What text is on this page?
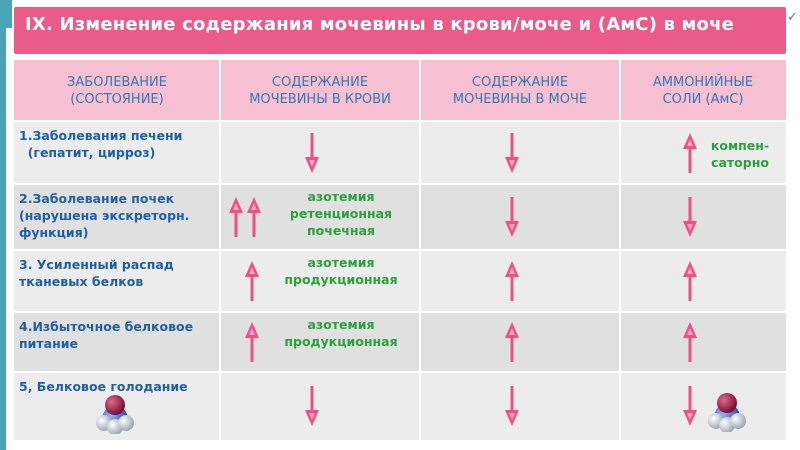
IX. Изменение содержания мочевины в крови/моче и (АмС) в моче	✓
ЗАБОЛЕВАНИЕ
(СОСТОЯНИЕ)
СОДЕРЖАНИЕ
МОЧЕВИНЫ В КРОВИ
СОДЕРЖАНИЕ
МОЧЕВИНЫ В МОЧЕ
АММОНИЙНЫЕ
СОЛИ (АмС)
1.Заболевания печени
(гепатит, цирроз)	компен-
саторно
2.Заболевание почек
(нарушена экскреторн.
функция)
азотемия
ретенционная
почечная
3. Усиленный распад
тканевых белков
азотемия
продукционная
4.Избыточное белковое
питание
азотемия
продукционная
5, Белковое голодание
